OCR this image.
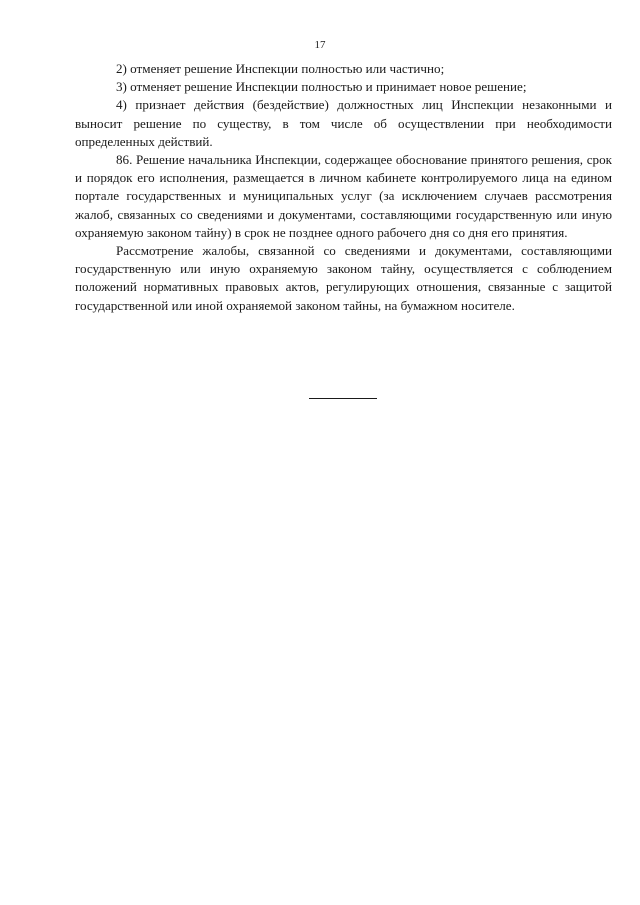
17

2) отменяет решение Инспекции полностью или частично;

3) отменяет решение Инспекции полностью и принимает новое решение;

4) признает действия (бездействие) должностных лиц Инспекции незаконными и выносит решение по существу, в том числе об осуществлении при необходимости определенных действий.

86. Решение начальника Инспекции, содержащее обоснование принятого решения, срок и порядок его исполнения, размещается в личном кабинете контролируемого лица на едином портале государственных и муниципальных услуг (за исключением случаев рассмотрения жалоб, связанных со сведениями и документами, составляющими государственную или иную охраняемую законом тайну) в срок не позднее одного рабочего дня со дня его принятия.

Рассмотрение жалобы, связанной со сведениями и документами, составляющими государственную или иную охраняемую законом тайну, осуществляется с соблюдением положений нормативных правовых актов, регулирующих отношения, связанные с защитой государственной или иной охраняемой законом тайны, на бумажном носителе.
